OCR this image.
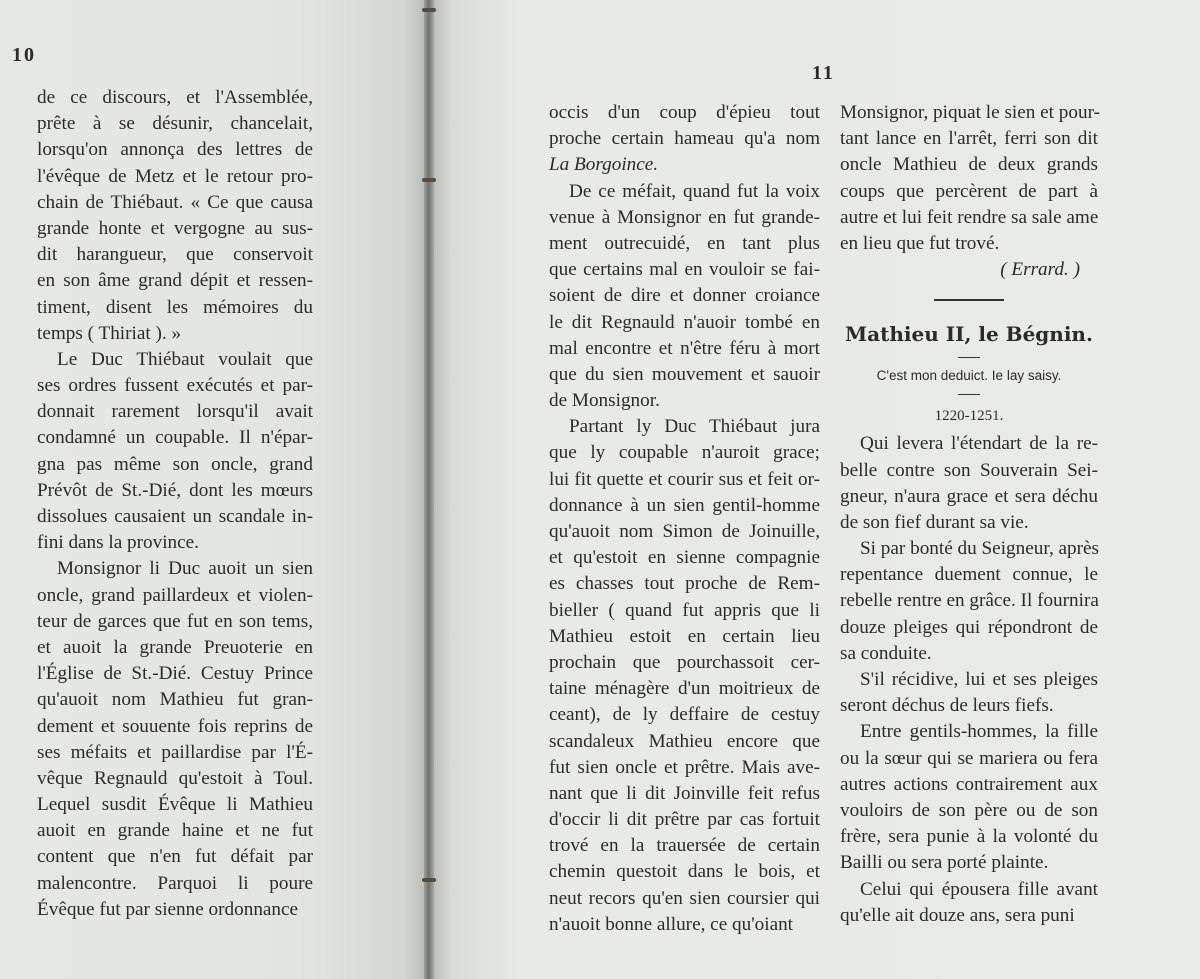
10
de ce discours, et l'Assemblée,
prête à se désunir, chancelait,
lorsqu'on annonça des lettres de
l'évêque de Metz et le retour pro-
chain de Thiébaut. « Ce que causa
grande honte et vergogne au sus-
dit harangueur, que conservoit
en son âme grand dépit et ressen-
timent, disent les mémoires du
temps ( Thiriat ). »
Le Duc Thiébaut voulait que
ses ordres fussent exécutés et par-
donnait rarement lorsqu'il avait
condamné un coupable. Il n'épar-
gna pas même son oncle, grand
Prévôt de St.-Dié, dont les mœurs
dissolues causaient un scandale in-
fini dans la province.
Monsignor li Duc auoit un sien
oncle, grand paillardeux et violen-
teur de garces que fut en son tems,
et auoit la grande Preuoterie en
l'Église de St.-Dié. Cestuy Prince
qu'auoit nom Mathieu fut gran-
dement et souuente fois reprins de
ses méfaits et paillardise par l'É-
vêque Regnauld qu'estoit à Toul.
Lequel susdit Évêque li Mathieu
auoit en grande haine et ne fut
content que n'en fut défait par
malencontre. Parquoi li poure
Évêque fut par sienne ordonnance
11
occis d'un coup d'épieu tout
proche certain hameau qu'a nom
La Borgoince.
De ce méfait, quand fut la voix
venue à Monsignor en fut grande-
ment outrecuidé, en tant plus
que certains mal en vouloir se fai-
soient de dire et donner croiance
le dit Regnauld n'auoir tombé en
mal encontre et n'être féru à mort
que du sien mouvement et sauoir
de Monsignor.
Partant ly Duc Thiébaut jura
que ly coupable n'auroit grace;
lui fit quette et courir sus et feit or-
donnance à un sien gentil-homme
qu'auoit nom Simon de Joinuille,
et qu'estoit en sienne compagnie
es chasses tout proche de Rem-
bieller ( quand fut appris que li
Mathieu estoit en certain lieu
prochain que pourchassoit cer-
taine ménagère d'un moitrieux de
ceant), de ly deffaire de cestuy
scandaleux Mathieu encore que
fut sien oncle et prêtre. Mais ave-
nant que li dit Joinville feit refus
d'occir li dit prêtre par cas fortuit
trové en la trauersée de certain
chemin questoit dans le bois, et
neut recors qu'en sien coursier qui
n'auoit bonne allure, ce qu'oiant
Monsignor, piquat le sien et pour-
tant lance en l'arrêt, ferri son dit
oncle Mathieu de deux grands
coups que percèrent de part à
autre et lui feit rendre sa sale ame
en lieu que fut trové.
( Errard. )
Mathieu II, le Bégnin.
C'est mon deduict. Ie lay saisy.
1220-1251.
Qui levera l'étendart de la re-
belle contre son Souverain Sei-
gneur, n'aura grace et sera déchu
de son fief durant sa vie.
Si par bonté du Seigneur, après
repentance duement connue, le
rebelle rentre en grâce. Il fournira
douze pleiges qui répondront de
sa conduite.
S'il récidive, lui et ses pleiges
seront déchus de leurs fiefs.
Entre gentils-hommes, la fille
ou la sœur qui se mariera ou fera
autres actions contrairement aux
vouloirs de son père ou de son
frère, sera punie à la volonté du
Bailli ou sera porté plainte.
Celui qui épousera fille avant
qu'elle ait douze ans, sera puni
